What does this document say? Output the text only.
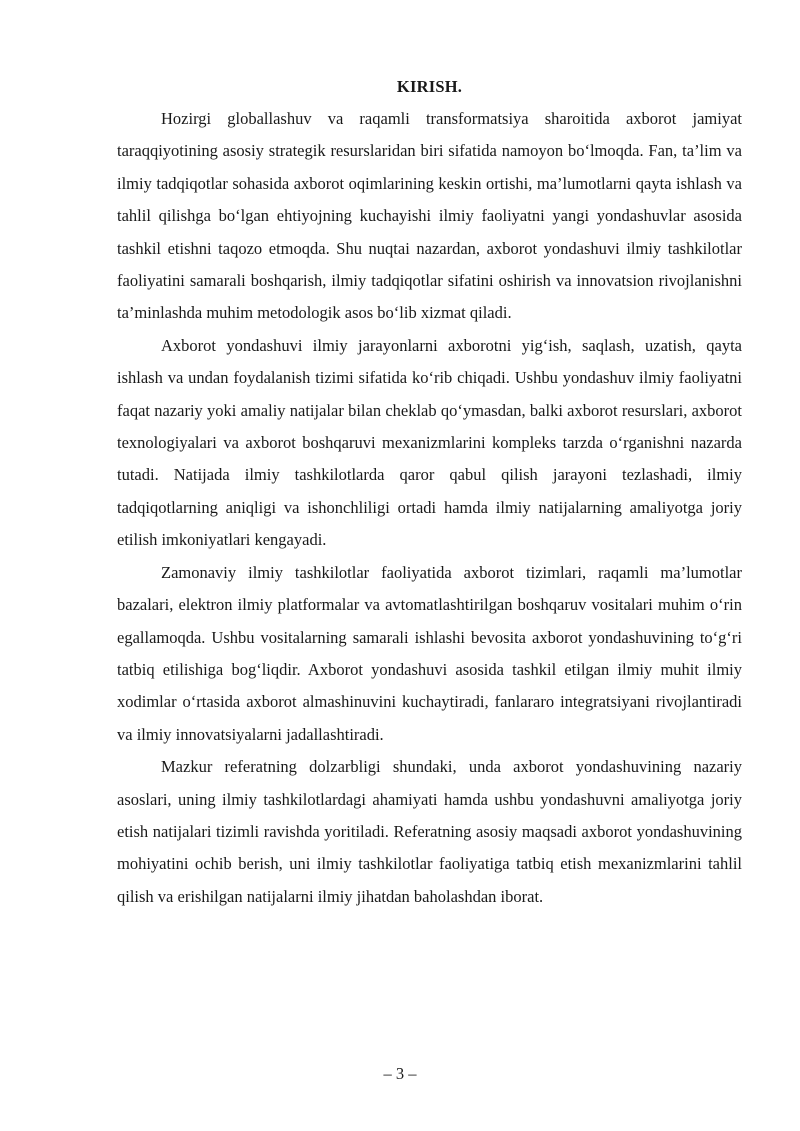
KIRISH.

Hozirgi globallashuv va raqamli transformatsiya sharoitida axborot jamiyat taraqqiyotining asosiy strategik resurslaridan biri sifatida namoyon bo‘lmoqda. Fan, ta’lim va ilmiy tadqiqotlar sohasida axborot oqimlarining keskin ortishi, ma’lumotlarni qayta ishlash va tahlil qilishga bo‘lgan ehtiyojning kuchayishi ilmiy faoliyatni yangi yondashuvlar asosida tashkil etishni taqozo etmoqda. Shu nuqtai nazardan, axborot yondashuvi ilmiy tashkilotlar faoliyatini samarali boshqarish, ilmiy tadqiqotlar sifatini oshirish va innovatsion rivojlanishni ta’minlashda muhim metodologik asos bo‘lib xizmat qiladi.

Axborot yondashuvi ilmiy jarayonlarni axborotni yig‘ish, saqlash, uzatish, qayta ishlash va undan foydalanish tizimi sifatida ko‘rib chiqadi. Ushbu yondashuv ilmiy faoliyatni faqat nazariy yoki amaliy natijalar bilan cheklab qo‘ymasdan, balki axborot resurslari, axborot texnologiyalari va axborot boshqaruvi mexanizmlarini kompleks tarzda o‘rganishni nazarda tutadi. Natijada ilmiy tashkilotlarda qaror qabul qilish jarayoni tezlashadi, ilmiy tadqiqotlarning aniqligi va ishonchliligi ortadi hamda ilmiy natijalarning amaliyotga joriy etilish imkoniyatlari kengayadi.

Zamonaviy ilmiy tashkilotlar faoliyatida axborot tizimlari, raqamli ma’lumotlar bazalari, elektron ilmiy platformalar va avtomatlashtirilgan boshqaruv vositalari muhim o‘rin egallamoqda. Ushbu vositalarning samarali ishlashi bevosita axborot yondashuvining to‘g‘ri tatbiq etilishiga bog‘liqdir. Axborot yondashuvi asosida tashkil etilgan ilmiy muhit ilmiy xodimlar o‘rtasida axborot almashinuvini kuchaytiradi, fanlararo integratsiyani rivojlantiradi va ilmiy innovatsiyalarni jadallashtiradi.

Mazkur referatning dolzarbligi shundaki, unda axborot yondashuvining nazariy asoslari, uning ilmiy tashkilotlardagi ahamiyati hamda ushbu yondashuvni amaliyotga joriy etish natijalari tizimli ravishda yoritiladi. Referatning asosiy maqsadi axborot yondashuvining mohiyatini ochib berish, uni ilmiy tashkilotlar faoliyatiga tatbiq etish mexanizmlarini tahlil qilish va erishilgan natijalarni ilmiy jihatdan baholashdan iborat.

– 3 –
